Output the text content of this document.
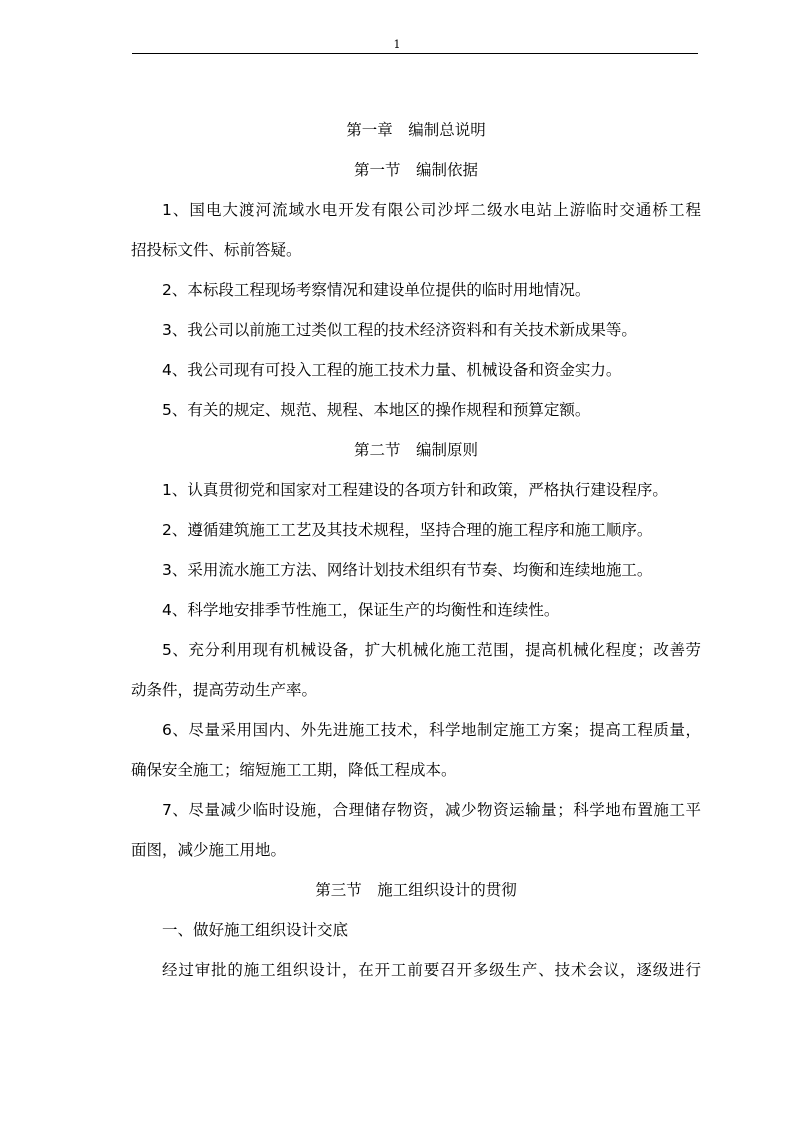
1
第一章　编制总说明
第一节　编制依据
1、国电大渡河流域水电开发有限公司沙坪二级水电站上游临时交通桥工程
招投标文件、标前答疑。
2、本标段工程现场考察情况和建设单位提供的临时用地情况。
3、我公司以前施工过类似工程的技术经济资料和有关技术新成果等。
4、我公司现有可投入工程的施工技术力量、机械设备和资金实力。
5、有关的规定、规范、规程、本地区的操作规程和预算定额。
第二节　编制原则
1、认真贯彻党和国家对工程建设的各项方针和政策，严格执行建设程序。
2、遵循建筑施工工艺及其技术规程，坚持合理的施工程序和施工顺序。
3、采用流水施工方法、网络计划技术组织有节奏、均衡和连续地施工。
4、科学地安排季节性施工，保证生产的均衡性和连续性。
5、充分利用现有机械设备，扩大机械化施工范围，提高机械化程度；改善劳
动条件，提高劳动生产率。
6、尽量采用国内、外先进施工技术，科学地制定施工方案；提高工程质量，
确保安全施工；缩短施工工期，降低工程成本。
7、尽量减少临时设施，合理储存物资，减少物资运输量；科学地布置施工平
面图，减少施工用地。
第三节　施工组织设计的贯彻
一、做好施工组织设计交底
经过审批的施工组织设计，在开工前要召开多级生产、技术会议，逐级进行
